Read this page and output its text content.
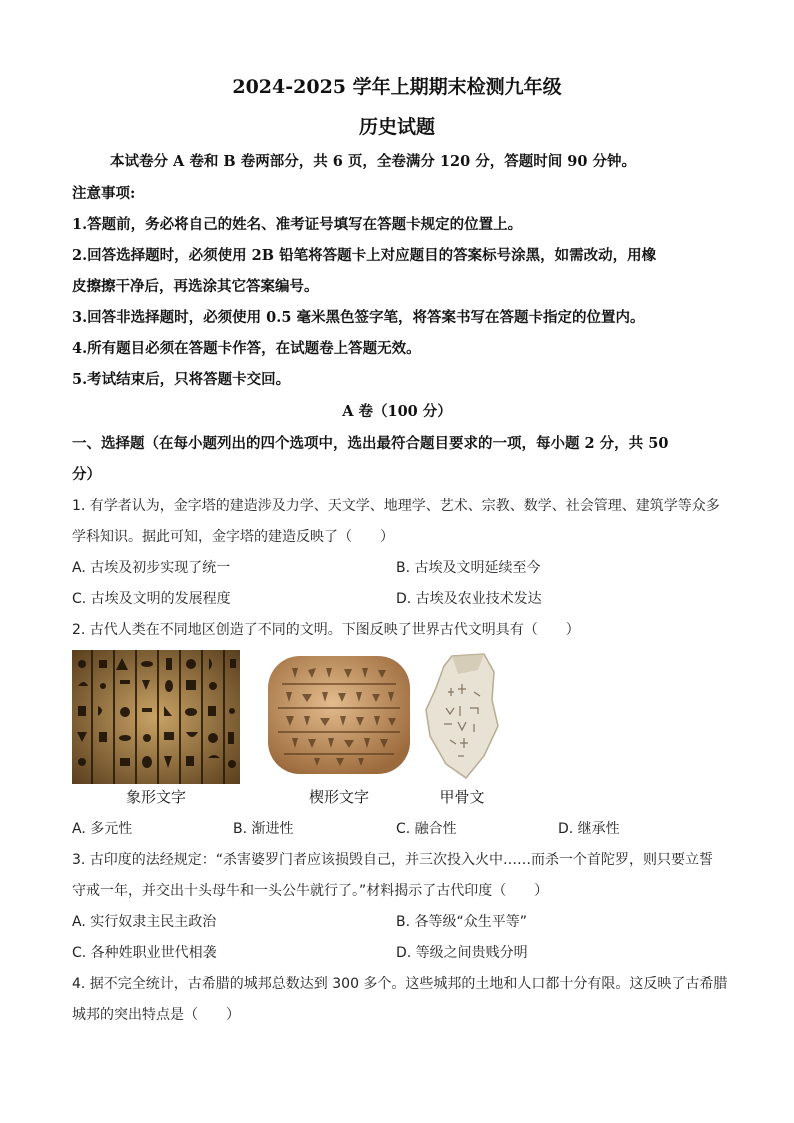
2024-2025 学年上期期末检测九年级
历史试题
本试卷分 A 卷和 B 卷两部分，共 6 页，全卷满分 120 分，答题时间 90 分钟。
注意事项:
1.答题前，务必将自己的姓名、准考证号填写在答题卡规定的位置上。
2.回答选择题时，必须使用 2B 铅笔将答题卡上对应题目的答案标号涂黑，如需改动，用橡
皮擦擦干净后，再选涂其它答案编号。
3.回答非选择题时，必须使用 0.5 毫米黑色签字笔，将答案书写在答题卡指定的位置内。
4.所有题目必须在答题卡作答，在试题卷上答题无效。
5.考试结束后，只将答题卡交回。
A 卷（100 分）
一、选择题（在每小题列出的四个选项中，选出最符合题目要求的一项，每小题 2 分，共 50
分）
1. 有学者认为，金字塔的建造涉及力学、天文学、地理学、艺术、宗教、数学、社会管理、建筑学等众多
学科知识。据此可知，金字塔的建造反映了（　　）
A. 古埃及初步实现了统一	B. 古埃及文明延续至今
C. 古埃及文明的发展程度	D. 古埃及农业技术发达
2. 古代人类在不同地区创造了不同的文明。下图反映了世界古代文明具有（　　）
象形文字	楔形文字	甲骨文
A. 多元性	B. 渐进性	C. 融合性	D. 继承性
3. 古印度的法经规定：“杀害婆罗门者应该损毁自己，并三次投入火中……而杀一个首陀罗，则只要立誓
守戒一年，并交出十头母牛和一头公牛就行了。”材料揭示了古代印度（　　）
A. 实行奴隶主民主政治	B. 各等级“众生平等”
C. 各种姓职业世代相袭	D. 等级之间贵贱分明
4. 据不完全统计，古希腊的城邦总数达到 300 多个。这些城邦的土地和人口都十分有限。这反映了古希腊
城邦的突出特点是（　　）
